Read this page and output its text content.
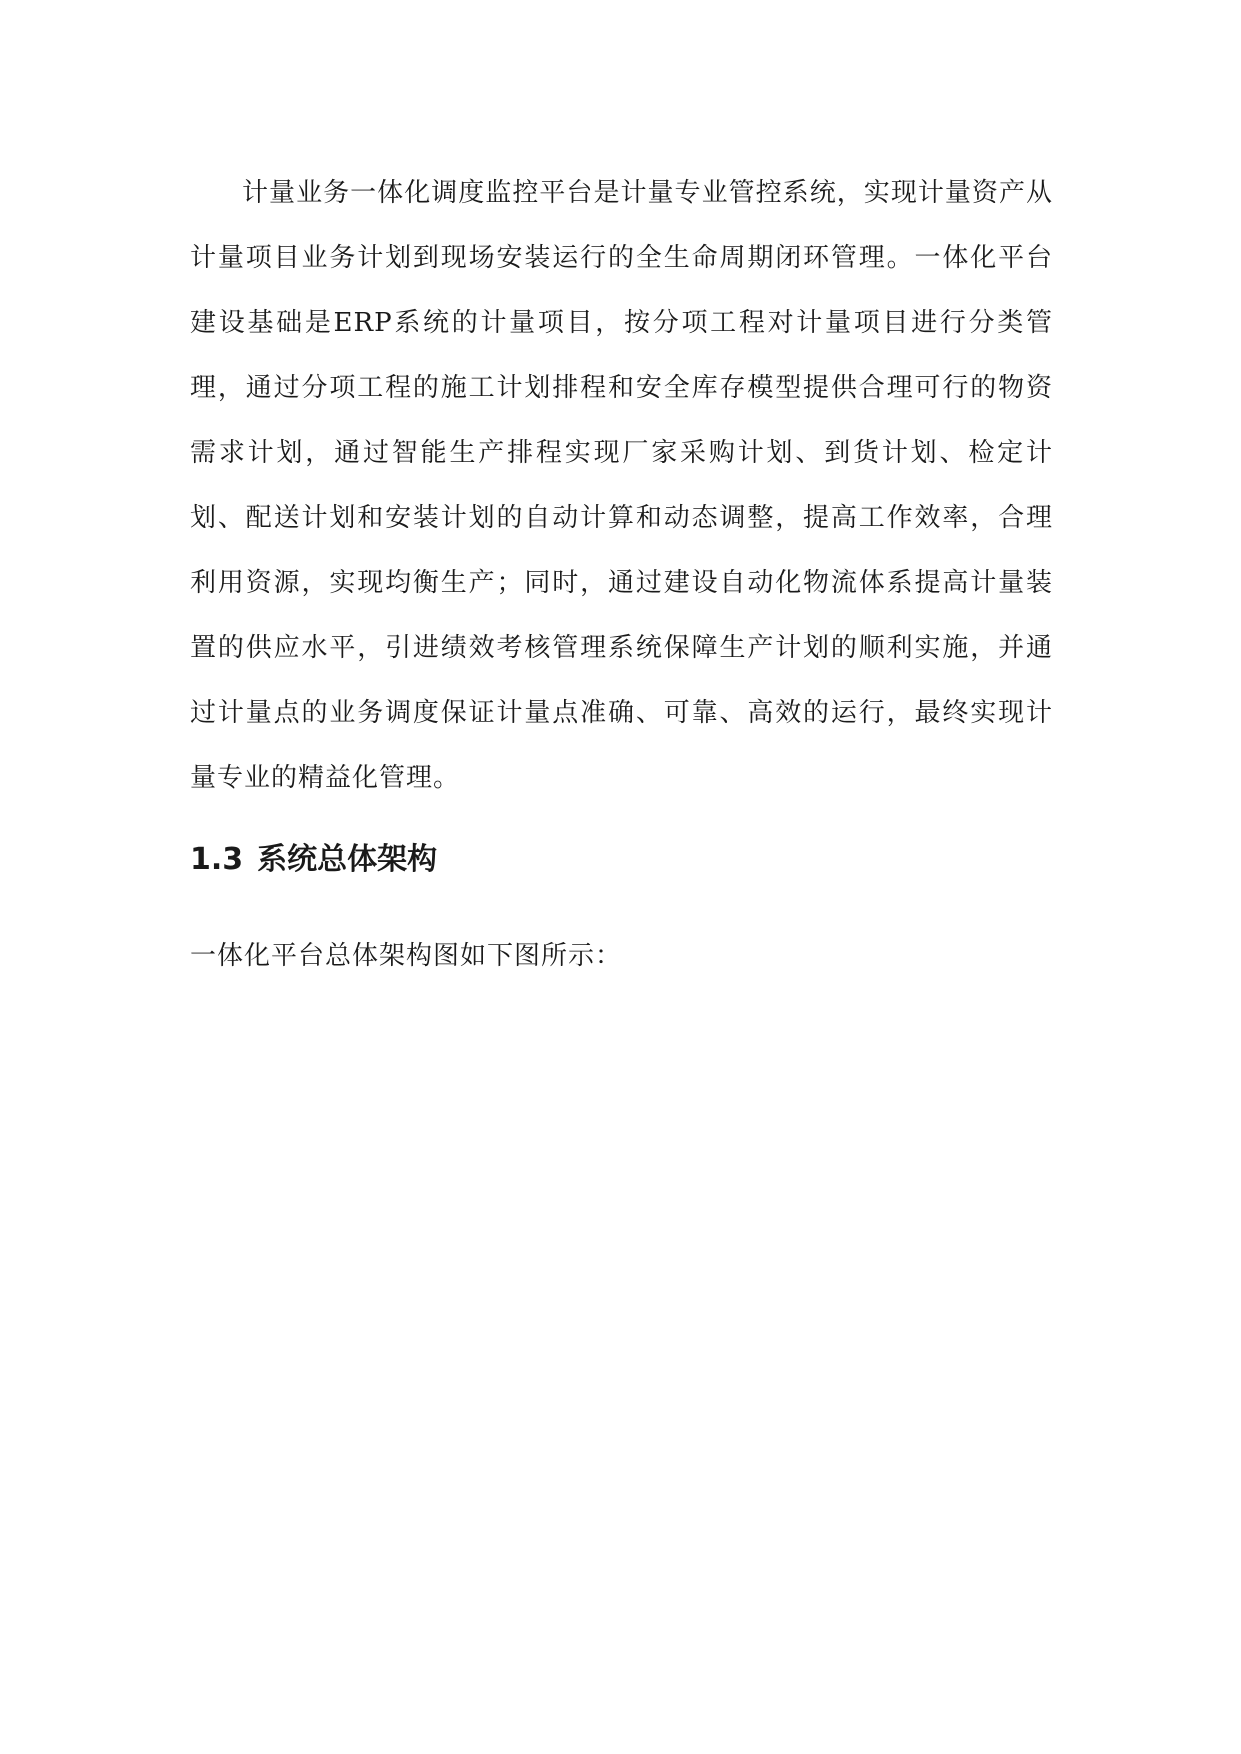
计量业务一体化调度监控平台是计量专业管控系统，实现计量资产从计量项目业务计划到现场安装运行的全生命周期闭环管理。一体化平台建设基础是ERP系统的计量项目，按分项工程对计量项目进行分类管理，通过分项工程的施工计划排程和安全库存模型提供合理可行的物资需求计划，通过智能生产排程实现厂家采购计划、到货计划、检定计划、配送计划和安装计划的自动计算和动态调整，提高工作效率，合理利用资源，实现均衡生产；同时，通过建设自动化物流体系提高计量装置的供应水平，引进绩效考核管理系统保障生产计划的顺利实施，并通过计量点的业务调度保证计量点准确、可靠、高效的运行，最终实现计量专业的精益化管理。

1.3 系统总体架构

一体化平台总体架构图如下图所示：
